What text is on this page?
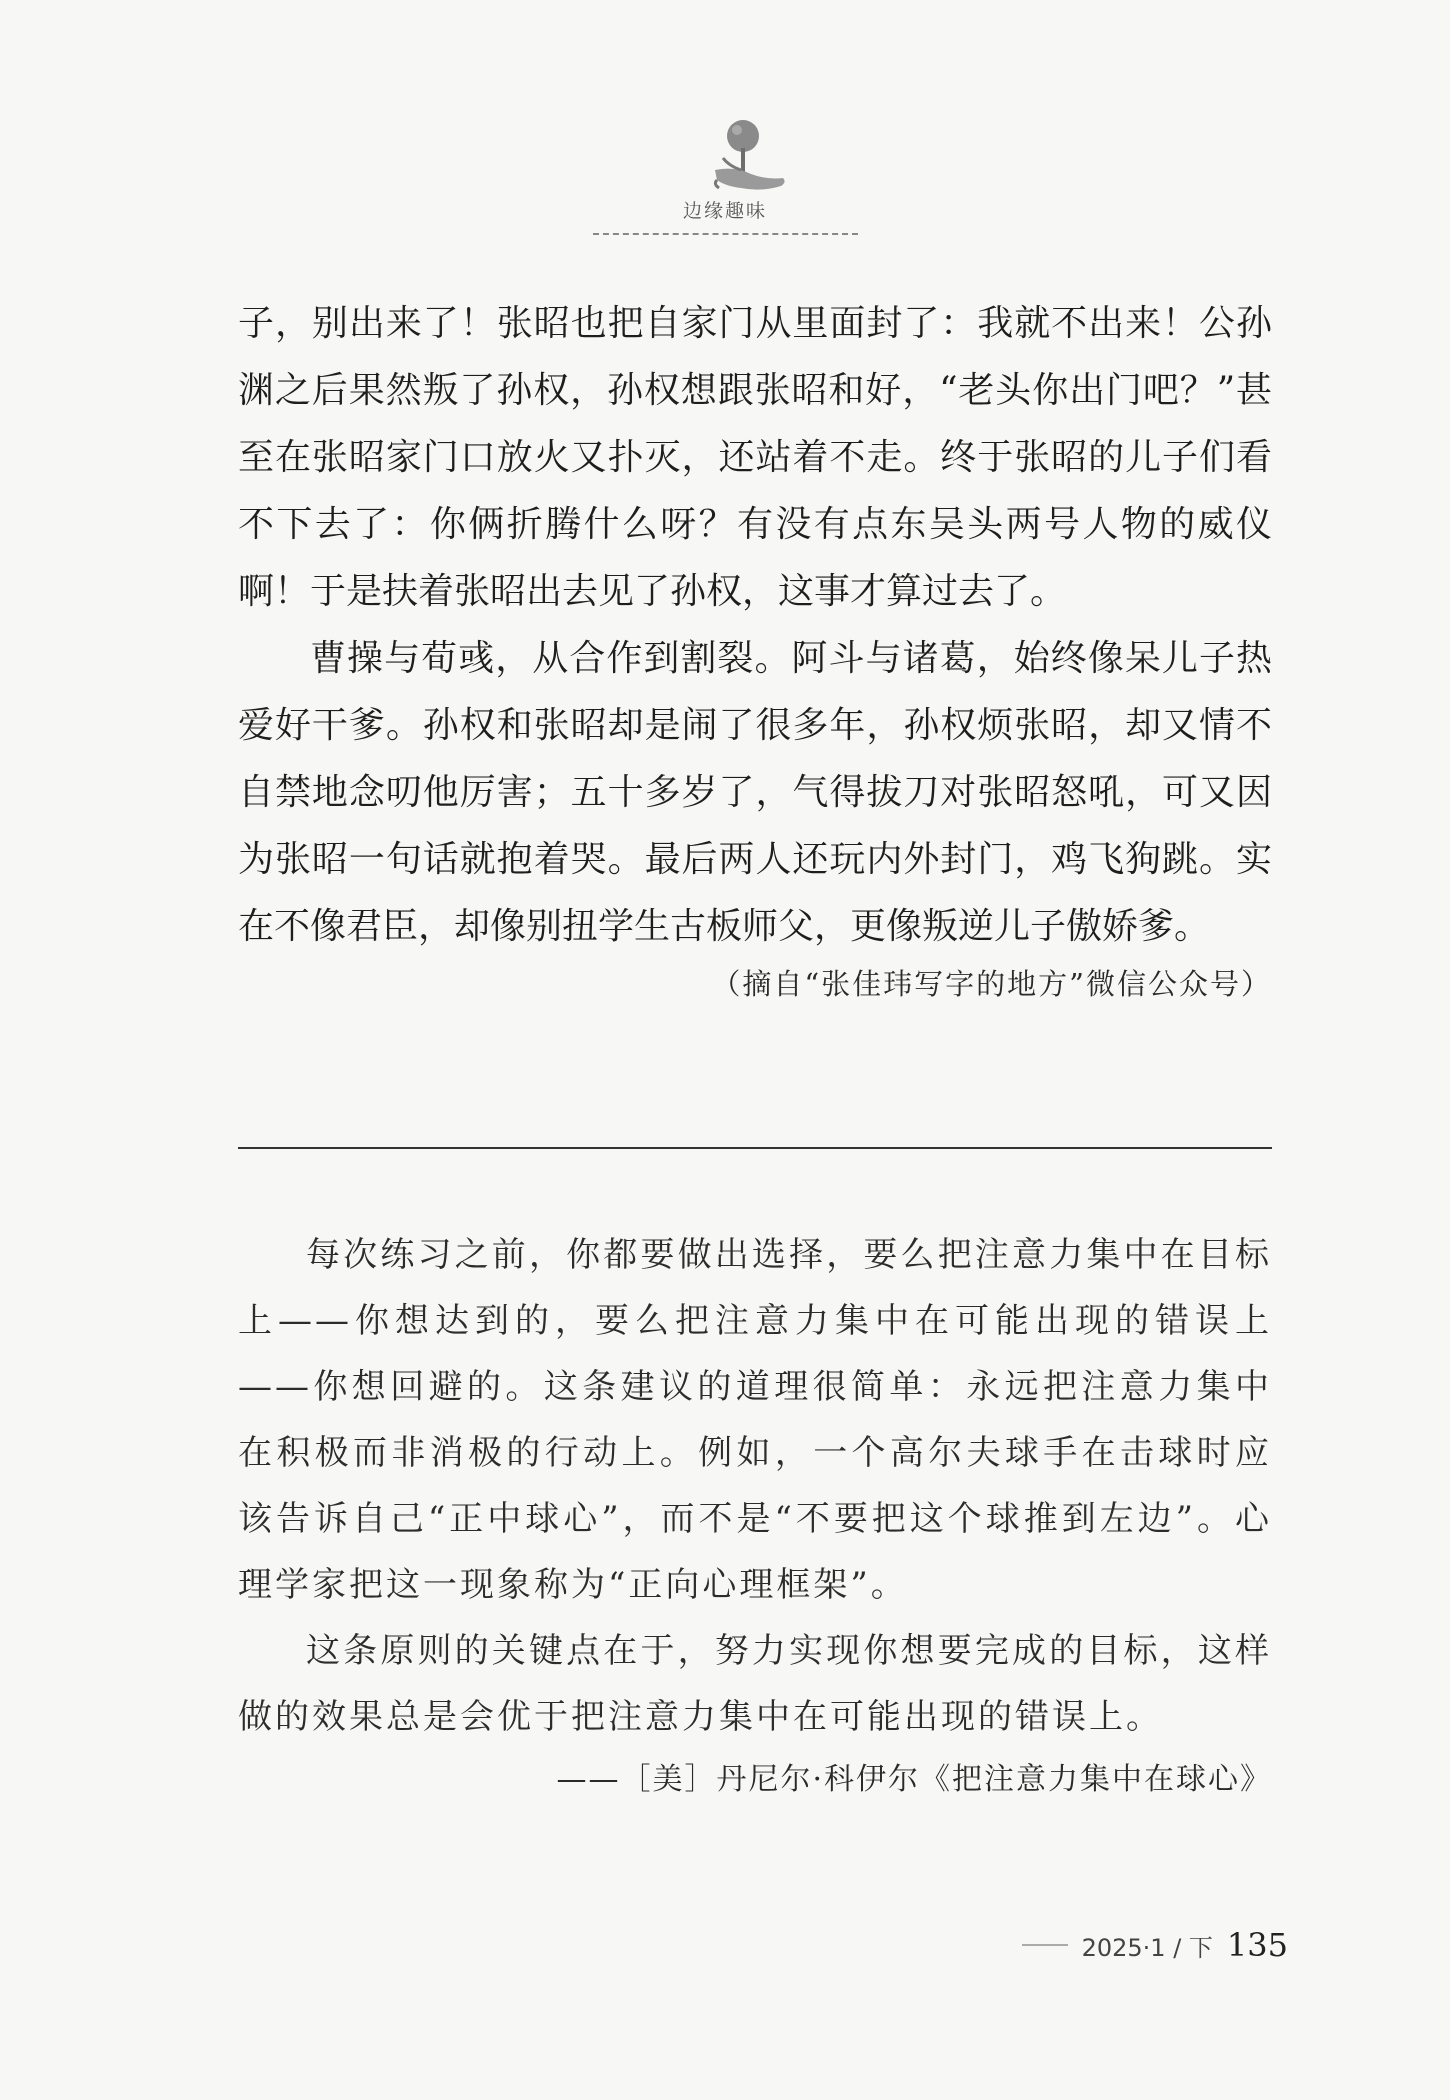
边缘趣味

子，别出来了！张昭也把自家门从里面封了：我就不出来！公孙渊之后果然叛了孙权，孙权想跟张昭和好，“老头你出门吧？”甚至在张昭家门口放火又扑灭，还站着不走。终于张昭的儿子们看不下去了：你俩折腾什么呀？有没有点东吴头两号人物的威仪啊！于是扶着张昭出去见了孙权，这事才算过去了。

曹操与荀彧，从合作到割裂。阿斗与诸葛，始终像呆儿子热爱好干爹。孙权和张昭却是闹了很多年，孙权烦张昭，却又情不自禁地念叨他厉害；五十多岁了，气得拔刀对张昭怒吼，可又因为张昭一句话就抱着哭。最后两人还玩内外封门，鸡飞狗跳。实在不像君臣，却像别扭学生古板师父，更像叛逆儿子傲娇爹。

（摘自“张佳玮写字的地方”微信公众号）

每次练习之前，你都要做出选择，要么把注意力集中在目标上——你想达到的，要么把注意力集中在可能出现的错误上——你想回避的。这条建议的道理很简单：永远把注意力集中在积极而非消极的行动上。例如，一个高尔夫球手在击球时应该告诉自己“正中球心”，而不是“不要把这个球推到左边”。心理学家把这一现象称为“正向心理框架”。

这条原则的关键点在于，努力实现你想要完成的目标，这样做的效果总是会优于把注意力集中在可能出现的错误上。

——［美］丹尼尔·科伊尔《把注意力集中在球心》

2025·1 / 下 135
